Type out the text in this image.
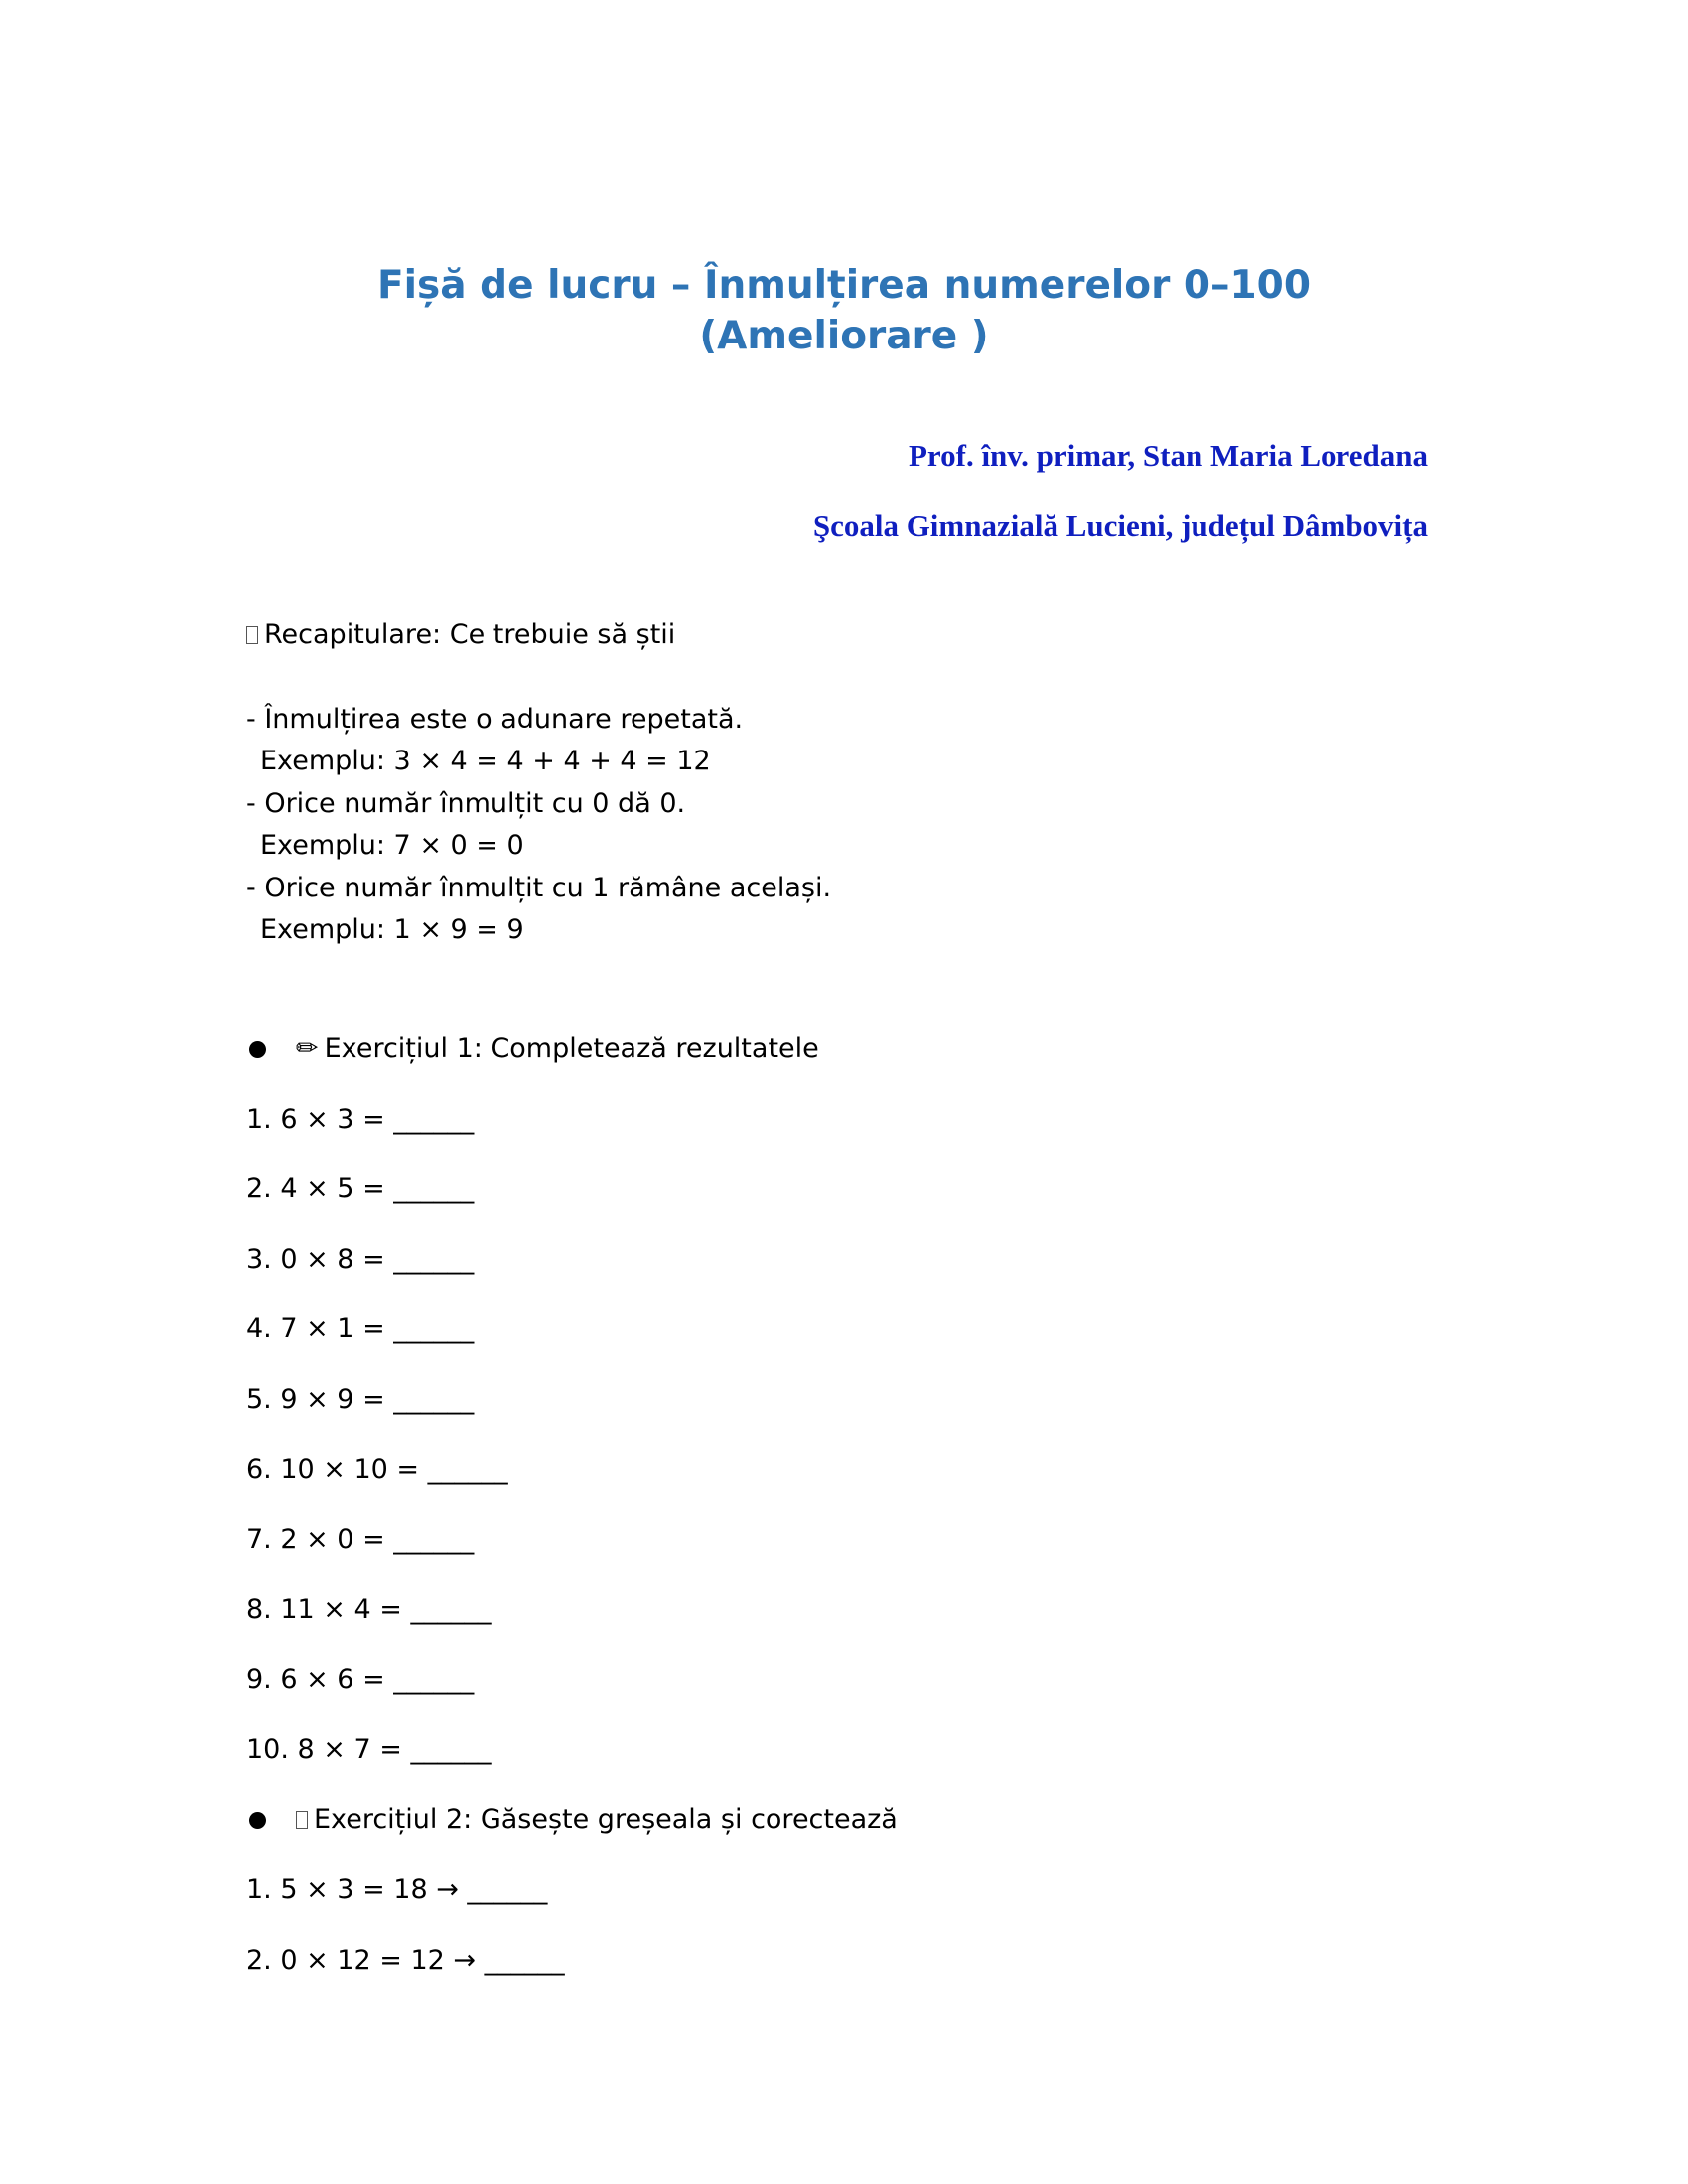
Fișă de lucru – Înmulțirea numerelor 0–100
(Ameliorare )
Prof. înv. primar, Stan Maria Loredana
Şcoala Gimnazială Lucieni, județul Dâmbovița
Recapitulare: Ce trebuie să știi
- Înmulțirea este o adunare repetată.
Exemplu: 3 × 4 = 4 + 4 + 4 = 12
- Orice număr înmulțit cu 0 dă 0.
Exemplu: 7 × 0 = 0
- Orice număr înmulțit cu 1 rămâne același.
Exemplu: 1 × 9 = 9
✏ Exercițiul 1: Completează rezultatele
1. 6 × 3 = ______
2. 4 × 5 = ______
3. 0 × 8 = ______
4. 7 × 1 = ______
5. 9 × 9 = ______
6. 10 × 10 = ______
7. 2 × 0 = ______
8. 11 × 4 = ______
9. 6 × 6 = ______
10. 8 × 7 = ______
Exercițiul 2: Găsește greșeala și corectează
1. 5 × 3 = 18 → ______
2. 0 × 12 = 12 → ______
